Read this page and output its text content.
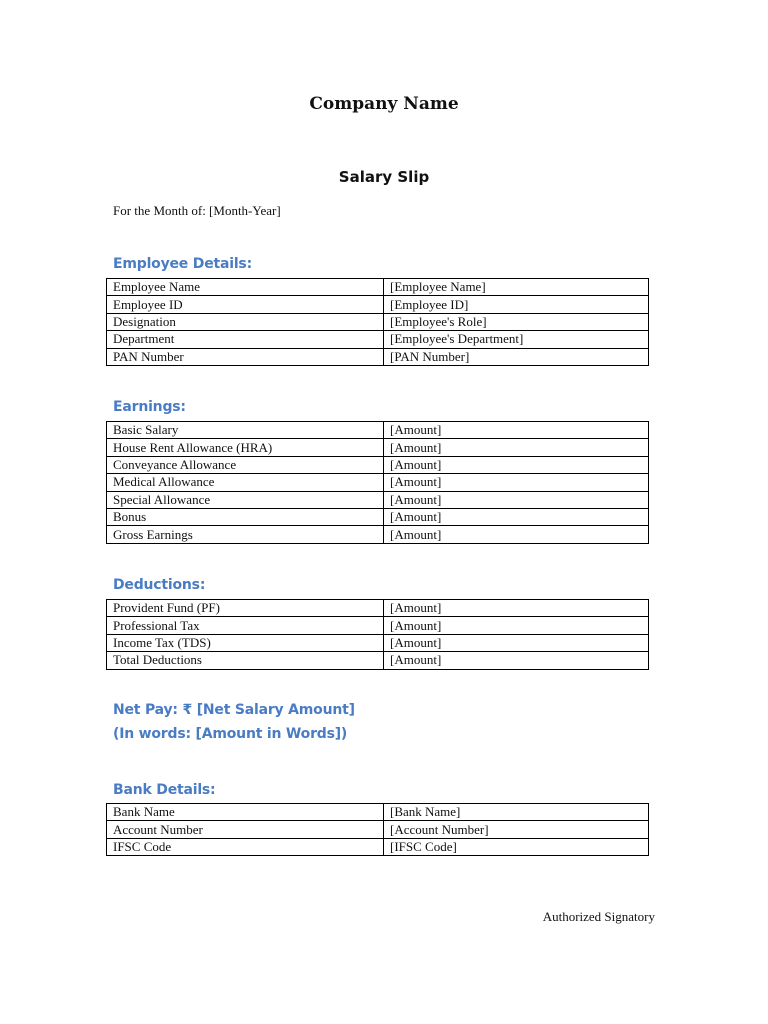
Company Name
Salary Slip
For the Month of: [Month-Year]
Employee Details:
Employee Name	[Employee Name]
Employee ID	[Employee ID]
Designation	[Employee's Role]
Department	[Employee's Department]
PAN Number	[PAN Number]
Earnings:
Basic Salary	[Amount]
House Rent Allowance (HRA)	[Amount]
Conveyance Allowance	[Amount]
Medical Allowance	[Amount]
Special Allowance	[Amount]
Bonus	[Amount]
Gross Earnings	[Amount]
Deductions:
Provident Fund (PF)	[Amount]
Professional Tax	[Amount]
Income Tax (TDS)	[Amount]
Total Deductions	[Amount]
Net Pay: ₹ [Net Salary Amount]
(In words: [Amount in Words])
Bank Details:
Bank Name	[Bank Name]
Account Number	[Account Number]
IFSC Code	[IFSC Code]
Authorized Signatory
